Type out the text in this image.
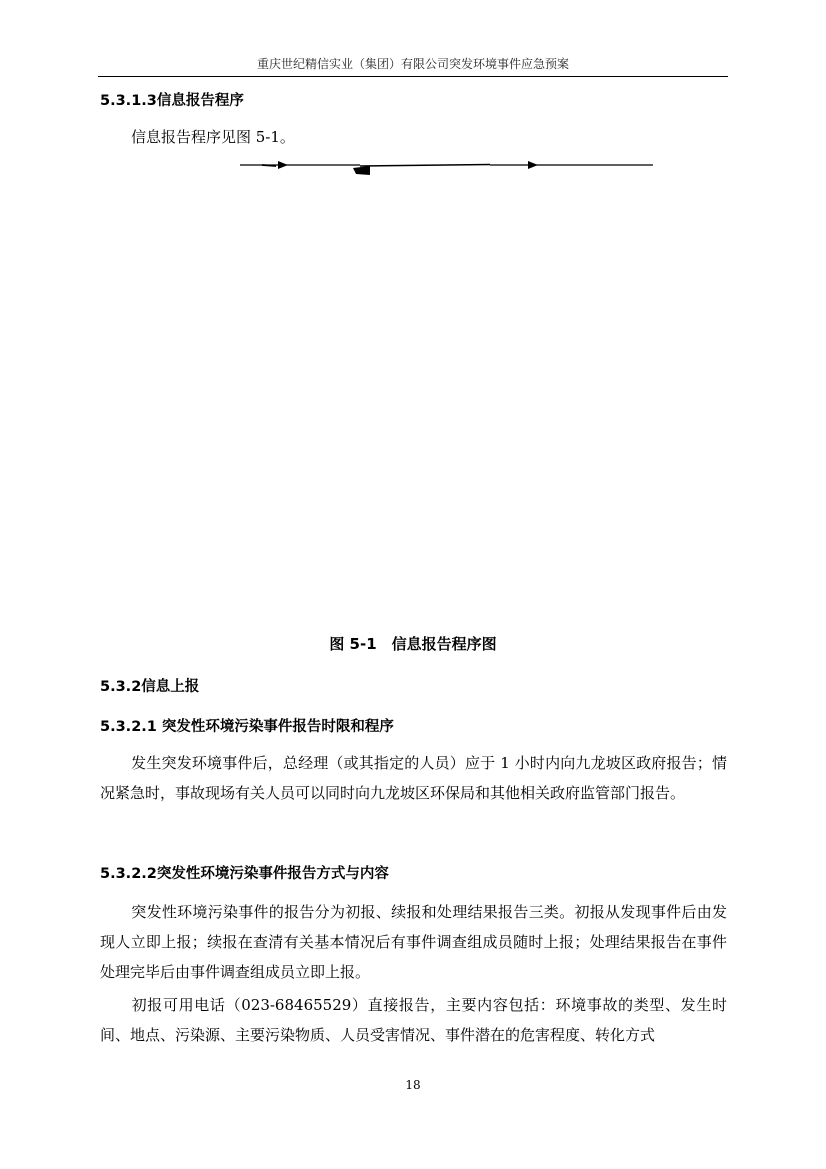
重庆世纪精信实业（集团）有限公司突发环境事件应急预案
5.3.1.3信息报告程序
信息报告程序见图 5-1。
图 5-1　信息报告程序图
5.3.2信息上报
5.3.2.1 突发性环境污染事件报告时限和程序
发生突发环境事件后，总经理（或其指定的人员）应于 1 小时内向九龙坡区政府报告；情况紧急时，事故现场有关人员可以同时向九龙坡区环保局和其他相关政府监管部门报告。
5.3.2.2突发性环境污染事件报告方式与内容
突发性环境污染事件的报告分为初报、续报和处理结果报告三类。初报从发现事件后由发现人立即上报；续报在查清有关基本情况后有事件调查组成员随时上报；处理结果报告在事件处理完毕后由事件调查组成员立即上报。
初报可用电话（023-68465529）直接报告，主要内容包括：环境事故的类型、发生时间、地点、污染源、主要污染物质、人员受害情况、事件潜在的危害程度、转化方式
18
